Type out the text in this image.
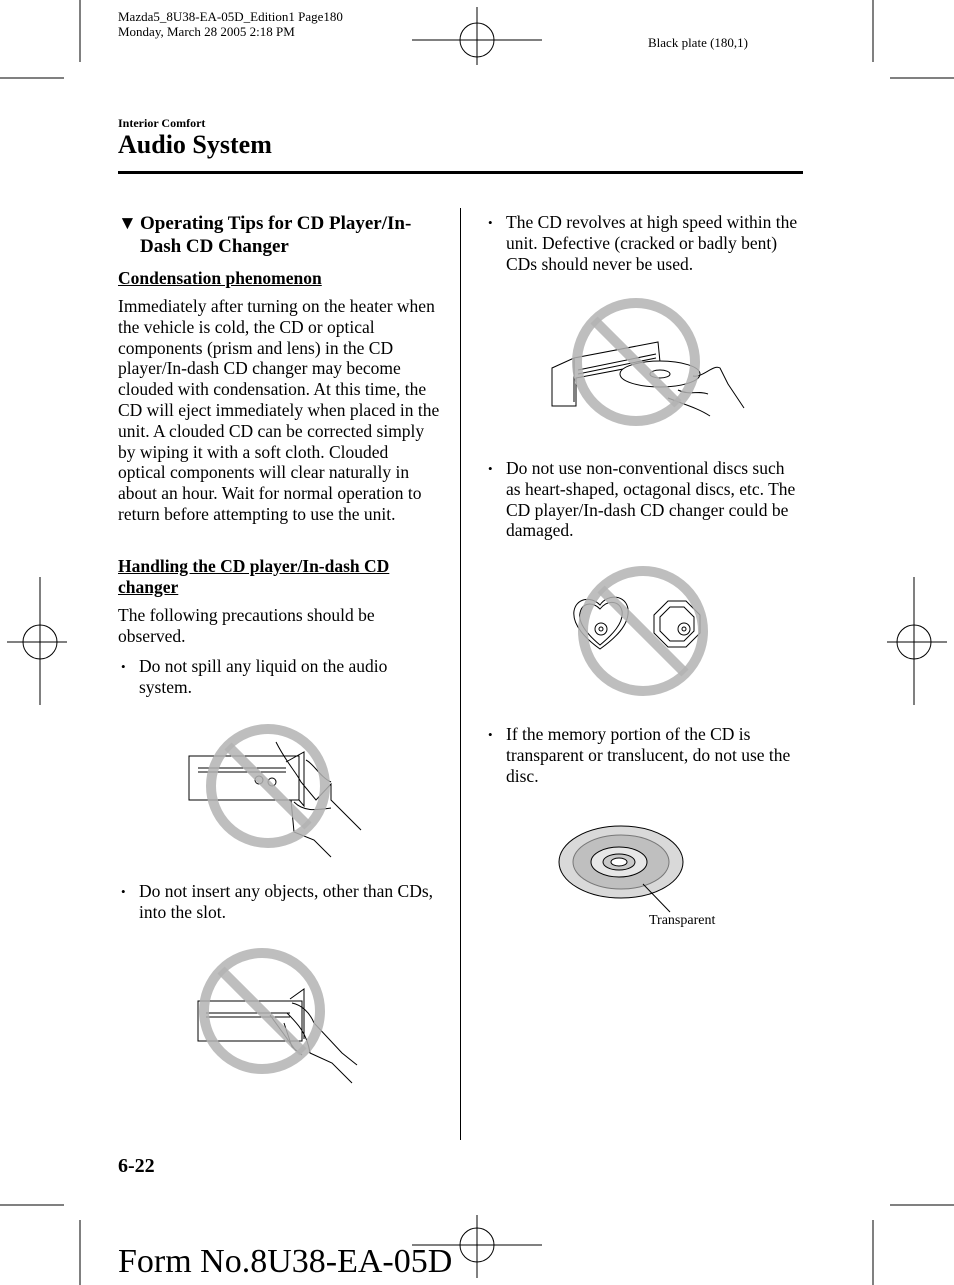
Mazda5_8U38-EA-05D_Edition1 Page180
Monday, March 28 2005 2:18 PM
Black plate (180,1)
Interior Comfort
Audio System
▼ Operating Tips for CD Player/In-Dash CD Changer
Condensation phenomenon
Immediately after turning on the heater when the vehicle is cold, the CD or optical components (prism and lens) in the CD player/In-dash CD changer may become clouded with condensation. At this time, the CD will eject immediately when placed in the unit. A clouded CD can be corrected simply by wiping it with a soft cloth. Clouded optical components will clear naturally in about an hour. Wait for normal operation to return before attempting to use the unit.
Handling the CD player/In-dash CD changer
The following precautions should be observed.
• Do not spill any liquid on the audio system.
• Do not insert any objects, other than CDs, into the slot.
• The CD revolves at high speed within the unit. Defective (cracked or badly bent) CDs should never be used.
• Do not use non-conventional discs such as heart-shaped, octagonal discs, etc. The CD player/In-dash CD changer could be damaged.
• If the memory portion of the CD is transparent or translucent, do not use the disc.
Transparent
6-22
Form No.8U38-EA-05D
